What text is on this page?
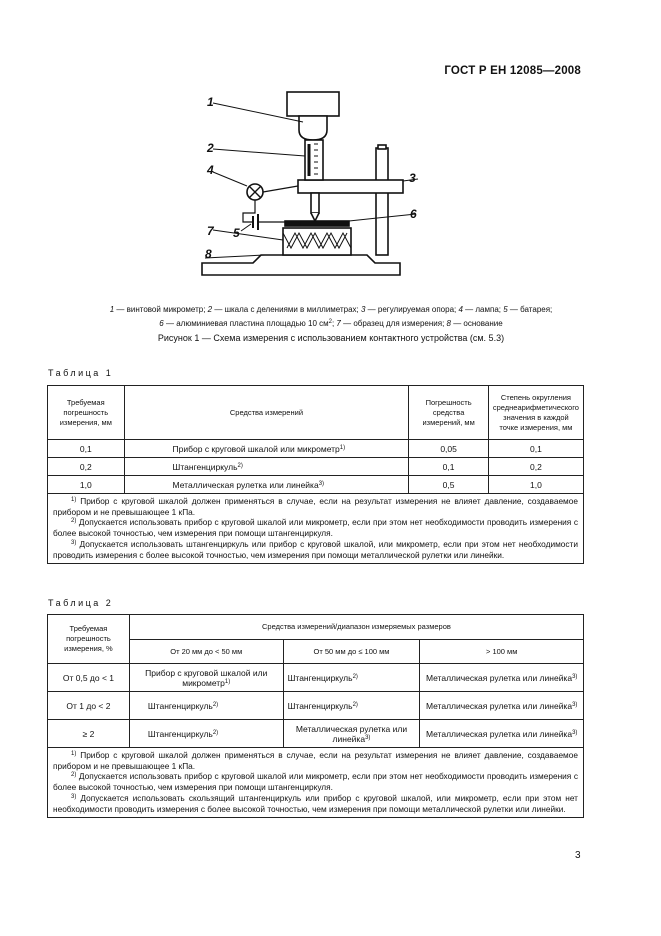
ГОСТ Р ЕН 12085—2008
1
2
4
3
7 5
6
8
1 — винтовой микрометр; 2 — шкала с делениями в миллиметрах; 3 — регулируемая опора; 4 — лампа; 5 — батарея;
6 — алюминиевая пластина площадью 10 $см^2$; 7 — образец для измерения; 8 — основание
Рисунок 1 — Схема измерения с использованием контактного устройства (см. 5.3)
Таблица 1
Требуемая погрешность измерения, мм	Средства измерений	Погрешность средства измерений, мм	Степень округления среднеарифметического значения в каждой точке измерения, мм
0,1	Прибор с круговой шкалой или микрометр$^{1)}$	0,05	0,1
0,2	Штангенциркуль$^{2)}$	0,1	0,2
1,0	Металлическая рулетка или линейка$^{3)}$	0,5	1,0

$^{1)}$ Прибор с круговой шкалой должен применяться в случае, если на результат измерения не влияет давление, создаваемое прибором и не превышающее 1 кПа.

$^{2)}$ Допускается использовать прибор с круговой шкалой или микрометр, если при этом нет необходимости проводить измерения с более высокой точностью, чем измерения при помощи штангенциркуля.

$^{3)}$ Допускается использовать штангенциркуль или прибор с круговой шкалой, или микрометр, если при этом нет необходимости проводить измерения с более высокой точностью, чем измерения при помощи металлической рулетки или линейки.			

Таблица 2
Требуемая погрешность измерения, %	Средства измерений/диапазон измеряемых размеров		
	От 20 мм до < 50 мм	От 50 мм до ≤ 100 мм	> 100 мм
От 0,5 до < 1	Прибор с круговой шкалой или микрометр$^{1)}$	Штангенциркуль$^{2)}$	Металлическая рулетка или линейка$^{3)}$
От 1 до < 2	Штангенциркуль$^{2)}$	Штангенциркуль$^{2)}$	Металлическая рулетка или линейка$^{3)}$
≥ 2	Штангенциркуль$^{2)}$	Металлическая рулетка или линейка$^{3)}$	Металлическая рулетка или линейка$^{3)}$

$^{1)}$ Прибор с круговой шкалой должен применяться в случае, если на результат измерения не влияет давление, создаваемое прибором и не превышающее 1 кПа.

$^{2)}$ Допускается использовать прибор с круговой шкалой или микрометр, если при этом нет необходимости проводить измерения с более высокой точностью, чем измерения при помощи штангенциркуля.

$^{3)}$ Допускается использовать скользящий штангенциркуль или прибор с круговой шкалой, или микрометр, если при этом нет необходимости проводить измерения с более высокой точностью, чем измерения при помощи металлической рулетки или линейки.			

3
